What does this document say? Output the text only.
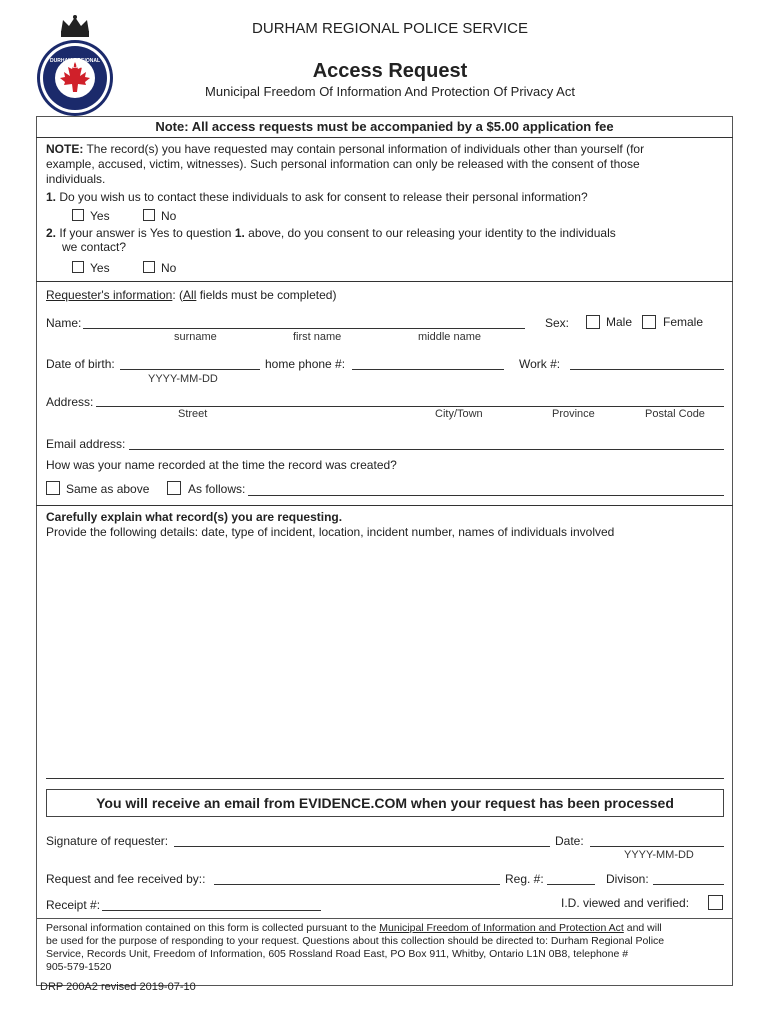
DURHAM REGIONAL POLICE
DURHAM REGIONAL POLICE SERVICE
Access Request
Municipal Freedom Of Information And Protection Of Privacy Act
Note: All access requests must be accompanied by a $5.00 application fee
NOTE: The record(s) you have requested may contain personal information of individuals other than yourself (for
example, accused, victim, witnesses). Such personal information can only be released with the consent of those
individuals.
1. Do you wish us to contact these individuals to ask for consent to release their personal information?
Yes	No
2. If your answer is Yes to question 1. above, do you consent to our releasing your identity to the individuals
we contact?
Yes	No
Requester's information: (All fields must be completed)
Name:
surname	first name	middle name
Sex:	Male	Female
Date of birth:
YYYY-MM-DD
home phone #:	Work #:
Address:
Street	City/Town	Province	Postal Code
Email address:
How was your name recorded at the time the record was created?
Same as above	As follows:
Carefully explain what record(s) you are requesting.
Provide the following details: date, type of incident, location, incident number, names of individuals involved
You will receive an email from EVIDENCE.COM when your request has been processed
Signature of requester:	Date:
YYYY-MM-DD
Request and fee received by::	Reg. #:	Divison:
Receipt #:	I.D. viewed and verified:
Personal information contained on this form is collected pursuant to the Municipal Freedom of Information and Protection Act and will
be used for the purpose of responding to your request. Questions about this collection should be directed to: Durham Regional Police
Service, Records Unit, Freedom of Information, 605 Rossland Road East, PO Box 911, Whitby, Ontario L1N 0B8, telephone #
905-579-1520
DRP 200A2 revised 2019-07-10
